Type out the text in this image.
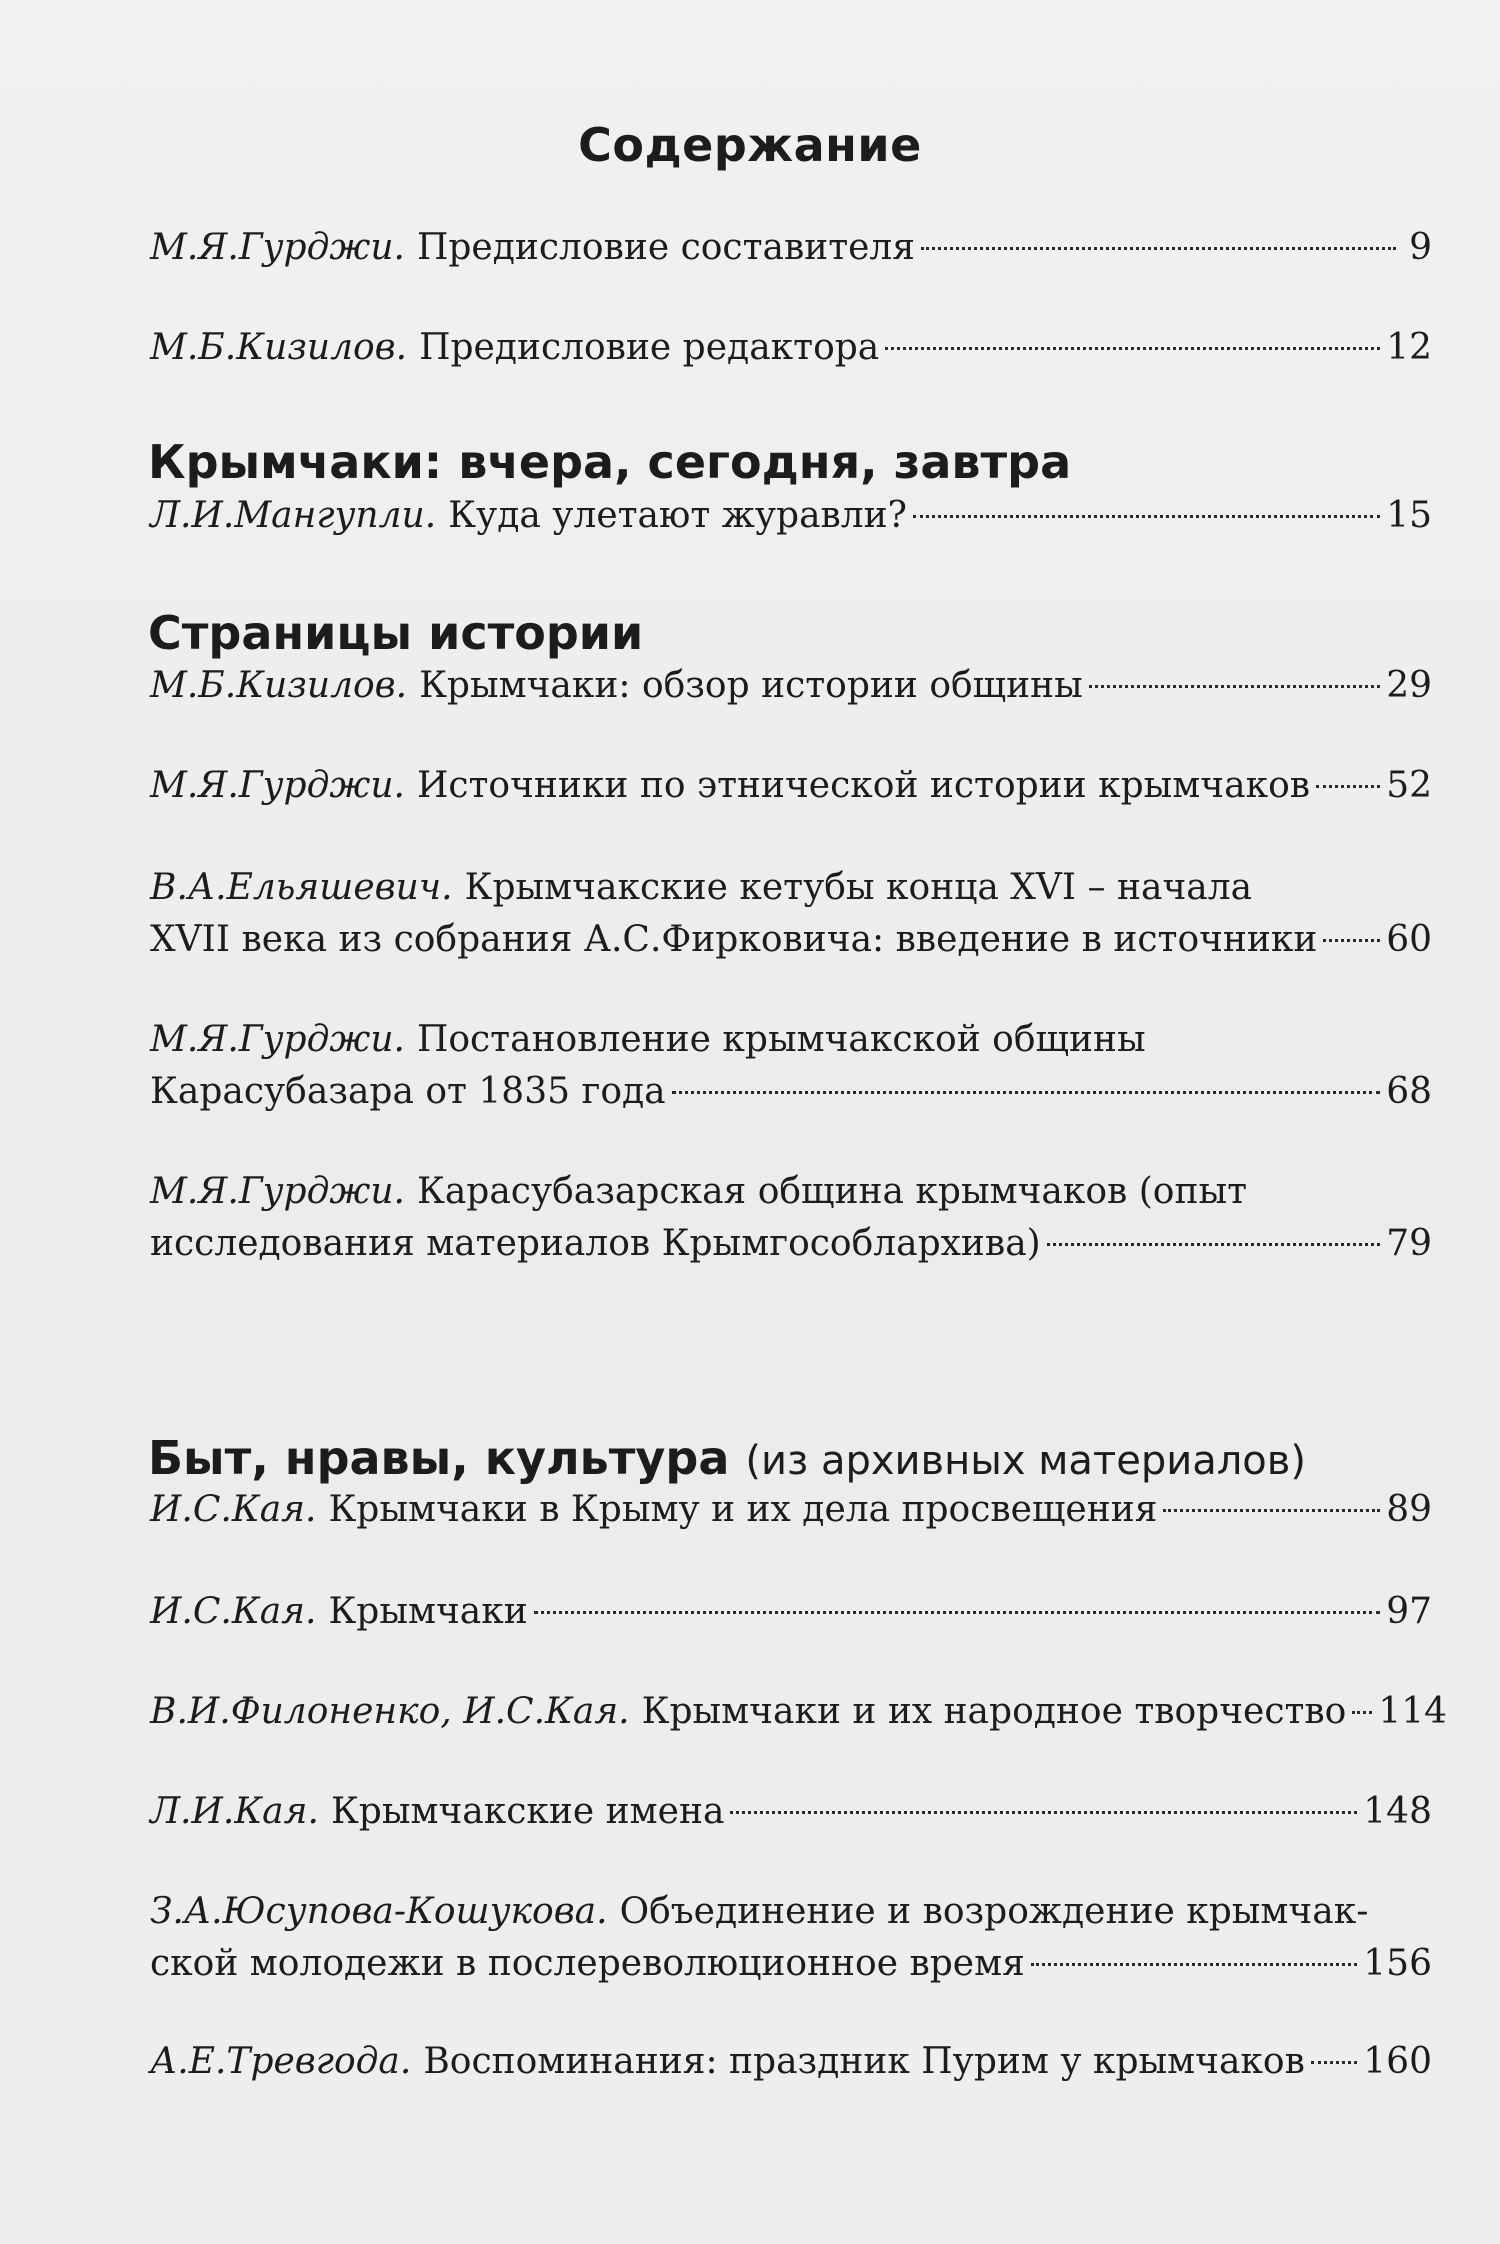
Содержание
М.Я.Гурджи. Предисловие составителя	9
М.Б.Кизилов. Предисловие редактора	12
Крымчаки: вчера, сегодня, завтра
Л.И.Мангупли. Куда улетают журавли?	15
Страницы истории
М.Б.Кизилов. Крымчаки: обзор истории общины	29
М.Я.Гурджи. Источники по этнической истории крымчаков 52
В.А.Ельяшевич. Крымчакские кетубы конца XVI – начала
XVII века из собрания А.С.Фирковича: введение в источники 60
М.Я.Гурджи. Постановление крымчакской общины
Карасубазара от 1835 года	68
М.Я.Гурджи. Карасубазарская община крымчаков (опыт
исследования материалов Крымгособлархива)	79
Быт, нравы, культура (из архивных материалов)
И.С.Кая. Крымчаки в Крыму и их дела просвещения	89
И.С.Кая. Крымчаки	97
В.И.Филоненко, И.С.Кая. Крымчаки и их народное творчество 114
Л.И.Кая. Крымчакские имена	148
З.А.Юсупова-Кошукова. Объединение и возрождение крымчак-
ской молодежи в послереволюционное время	156
А.Е.Тревгода. Воспоминания: праздник Пурим у крымчаков 160
